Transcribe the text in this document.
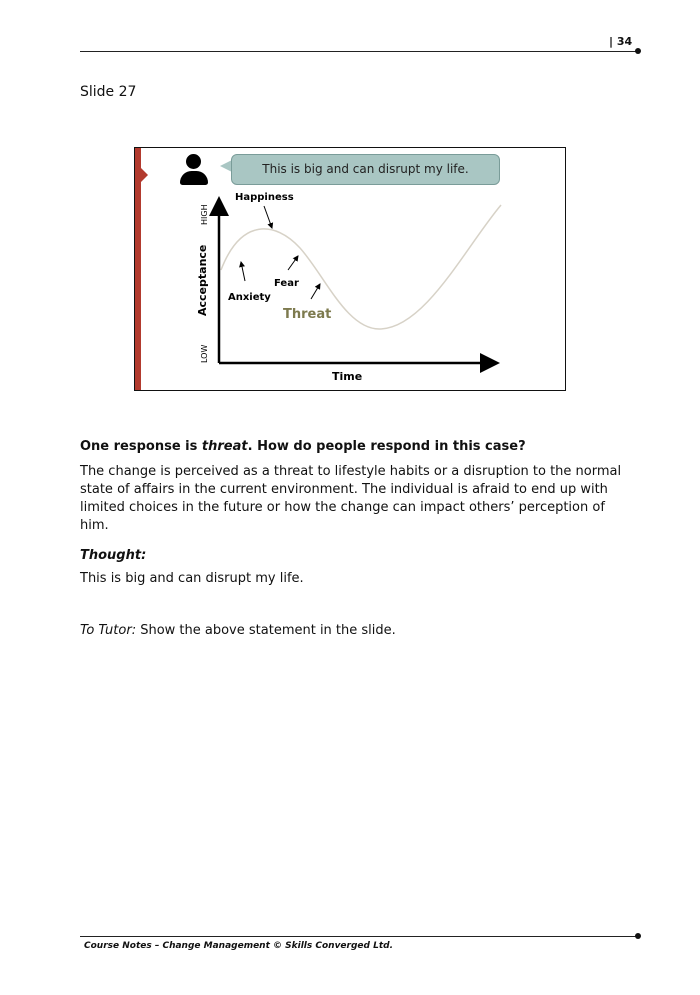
| 34
Slide 27
This is big and can disrupt my life.
Happiness
Fear
Anxiety
Threat
Acceptance
HIGH
LOW
Time
One response is threat. How do people respond in this case?
The change is perceived as a threat to lifestyle habits or a disruption to the normal state of affairs in the current environment. The individual is afraid to end up with limited choices in the future or how the change can impact others’ perception of him.
Thought:
This is big and can disrupt my life.
To Tutor: Show the above statement in the slide.
Course Notes – Change Management © Skills Converged Ltd.
